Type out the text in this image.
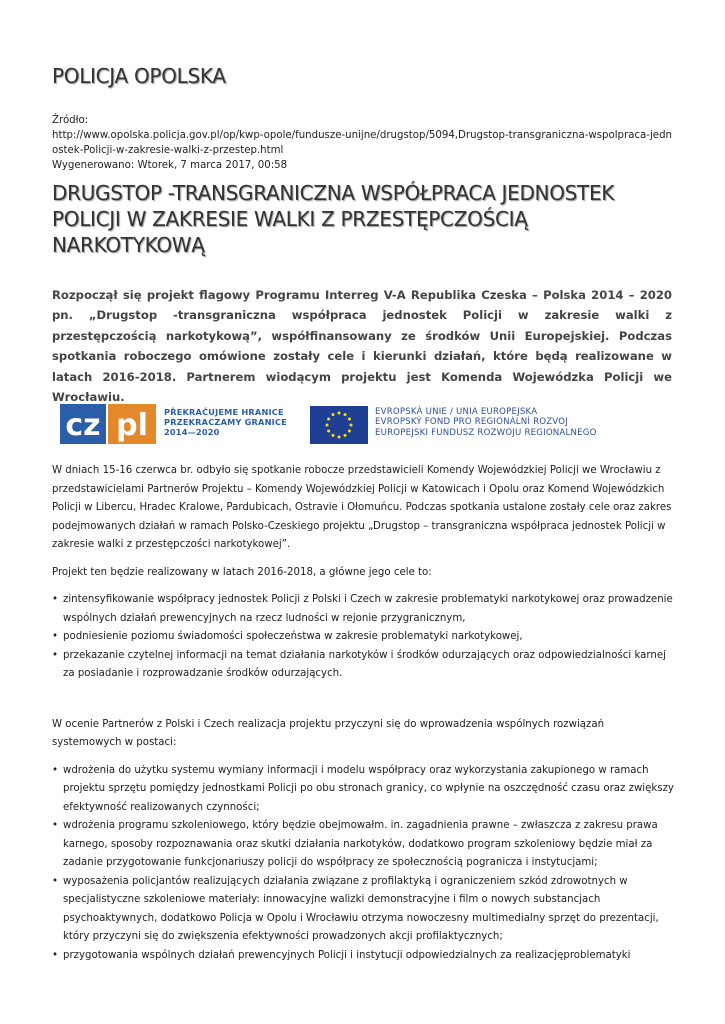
POLICJA OPOLSKA
Źródło:
http://www.opolska.policja.gov.pl/op/kwp-opole/fundusze-unijne/drugstop/5094,Drugstop-transgraniczna-wspolpraca-jednostek-Policji-w-zakresie-walki-z-przestep.html
Wygenerowano: Wtorek, 7 marca 2017, 00:58
DRUGSTOP -TRANSGRANICZNA WSPÓŁPRACA JEDNOSTEK POLICJI W ZAKRESIE WALKI Z PRZESTĘPCZOŚCIĄ NARKOTYKOWĄ

Rozpoczął się projekt flagowy Programu Interreg V-A Republika Czeska – Polska 2014 – 2020 pn. „Drugstop -transgraniczna współpraca jednostek Policji w zakresie walki z przestępczością narkotykową”, współfinansowany ze środków Unii Europejskiej. Podczas spotkania roboczego omówione zostały cele i kierunki działań, które będą realizowane w latach 2016-2018. Partnerem wiodącym projektu jest Komenda Wojewódzka Policji we Wrocławiu.

cz pl PŘEKRAČUJEME HRANICE
PRZEKRACZAMY GRANICE
2014—2020
EVROPSKÁ UNIE / UNIA EUROPEJSKA
EVROPSKÝ FOND PRO REGIONÁLNÍ ROZVOJ
EUROPEJSKI FUNDUSZ ROZWOJU REGIONALNEGO

W dniach 15-16 czerwca br. odbyło się spotkanie robocze przedstawicieli Komendy Wojewódzkiej Policji we Wrocławiu z przedstawicielami Partnerów Projektu – Komendy Wojewódzkiej Policji w Katowicach i Opolu oraz Komend Wojewódzkich Policji w Libercu, Hradec Kralowe, Pardubicach, Ostravie i Ołomuńcu. Podczas spotkania ustalone zostały cele oraz zakres podejmowanych działań w ramach Polsko-Czeskiego projektu „Drugstop – transgraniczna współpraca jednostek Policji w zakresie walki z przestępczości narkotykowej”.

Projekt ten będzie realizowany w latach 2016-2018, a główne jego cele to:

• zintensyfikowanie współpracy jednostek Policji z Polski i Czech w zakresie problematyki narkotykowej oraz prowadzenie wspólnych działań prewencyjnych na rzecz ludności w rejonie przygranicznym,
• podniesienie poziomu świadomości społeczeństwa w zakresie problematyki narkotykowej,
• przekazanie czytelnej informacji na temat działania narkotyków i środków odurzających oraz odpowiedzialności karnej za posiadanie i rozprowadzanie środków odurzających.

W ocenie Partnerów z Polski i Czech realizacja projektu przyczyni się do wprowadzenia wspólnych rozwiązań systemowych w postaci:

• wdrożenia do użytku systemu wymiany informacji i modelu współpracy oraz wykorzystania zakupionego w ramach projektu sprzętu pomiędzy jednostkami Policji po obu stronach granicy, co wpłynie na oszczędność czasu oraz zwiększy efektywność realizowanych czynności;
• wdrożenia programu szkoleniowego, który będzie obejmowałm. in. zagadnienia prawne – zwłaszcza z zakresu prawa karnego, sposoby rozpoznawania oraz skutki działania narkotyków, dodatkowo program szkoleniowy będzie miał za zadanie przygotowanie funkcjonariuszy policji do współpracy ze społecznością pograniczа i instytucjami;
• wyposażenia policjantów realizujących działania związane z profilaktyką i ograniczeniem szkód zdrowotnych w specjalistyczne szkoleniowe materiały: innowacyjne walizki demonstracyjne i film o nowych substancjach psychoaktywnych, dodatkowo Policja w Opolu i Wrocławiu otrzyma nowoczesny multimedialny sprzęt do prezentacji, który przyczyni się do zwiększenia efektywności prowadzonych akcji profilaktycznych;
• przygotowania wspólnych działań prewencyjnych Policji i instytucji odpowiedzialnych za realizacjęproblematyki
